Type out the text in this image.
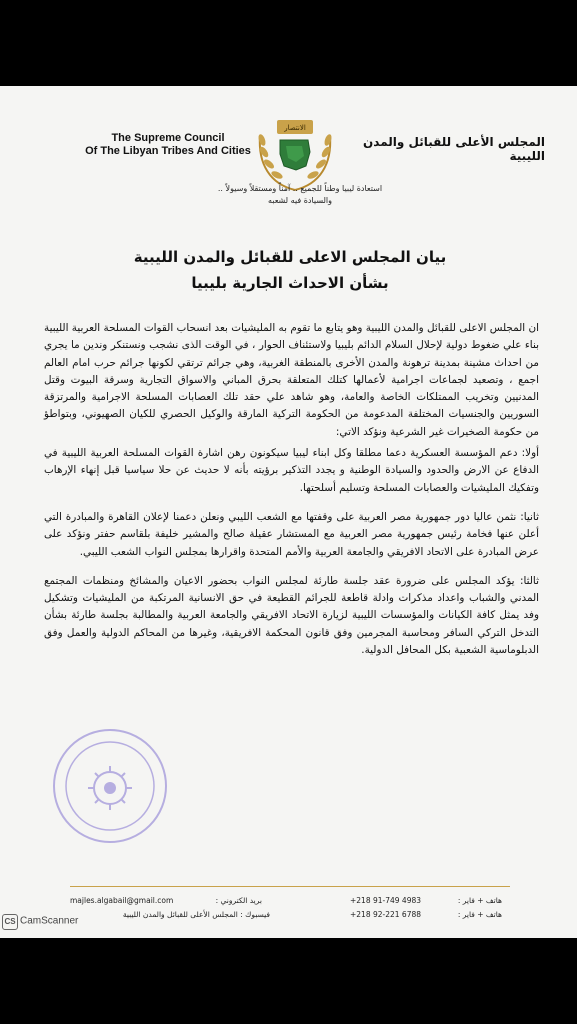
The Supreme Council
Of The Libyan Tribes And Cities
الانتصار
المجلس الأعلى للقبائل والمدن الليبية
استعادة ليبيا وطناً للجميع .. آمناً ومستقلاً وسيولاً ..
والسيادة فيه لشعبه
بيان المجلس الاعلى للقبائل والمدن الليبية
بشأن الاحداث الجارية بليبيا

ان المجلس الاعلى للقبائل والمدن الليبية وهو يتابع ما تقوم به المليشيات بعد انسحاب القوات المسلحة العربية الليبية بناء علي ضغوط دولية لإحلال السلام الدائم بليبيا ولاستئناف الحوار ، في الوقت الذى نشجب ونستنكر وندين ما يجري من احداث مشينة بمدينة ترهونة والمدن الأخرى بالمنطقة الغربية، وهي جرائم ترتقي لكونها جرائم حرب امام العالم اجمع ، وتصعيد لجماعات اجرامية لأعمالها كتلك المتعلقة بحرق المباني والاسواق التجارية وسرقة البيوت وقتل المدنيين وتخريب الممتلكات الخاصة والعامة، وهو شاهد علي حقد تلك العصابات المسلحة الاجرامية والمرتزقة السوريين والجنسيات المختلفة المدعومة من الحكومة التركية المارقة والوكيل الحصري للكيان الصهيوني، وبتواطؤ من حكومة الصخيرات غير الشرعية ونؤكد الاتي:

أولا: دعم المؤسسة العسكرية دعما مطلقا وكل ابناء ليبيا سيكونون رهن اشارة القوات المسلحة العربية الليبية في الدفاع عن الارض والحدود والسيادة الوطنية و يجدد التذكير برؤيته بأنه لا حديث عن حلا سياسيا قبل إنهاء الإرهاب وتفكيك المليشيات والعصابات المسلحة وتسليم أسلحتها.

ثانيا: نثمن عاليا دور جمهورية مصر العربية على وقفتها مع الشعب الليبي ونعلن دعمنا لإعلان القاهرة والمبادرة التي أعلن عنها فخامة رئيس جمهورية مصر العربية مع المستشار عقيلة صالح والمشير خليفة بلقاسم حفتر ونؤكد على عرض المبادرة على الاتحاد الافريقي والجامعة العربية والأمم المتحدة واقرارها بمجلس النواب الشعب الليبي.

ثالثا: يؤكد المجلس على ضرورة عقد جلسة طارئة لمجلس النواب بحضور الاعيان والمشائخ ومنظمات المجتمع المدني والشباب واعداد مذكرات وادلة قاطعة للجرائم القطيعة في حق الانسانية المرتكبة من المليشيات وتشكيل وفد يمثل كافة الكيانات والمؤسسات الليبية لزيارة الاتحاد الافريقي والجامعة العربية والمطالبة بجلسة طارئة بشأن التدخل التركي السافر ومحاسبة المجرمين وفق قانون المحكمة الافريقية، وغيرها من المحاكم الدولية والعمل وفق الدبلوماسية الشعبية بكل المحافل الدولية.

majles.algabail@gmail.com	بريد الكتروني :
فيسبوك : المجلس الأعلى للقبائل والمدن الليبية
+218 91-749 4983
+218 92-221 6788
هاتف + فاير :
هاتف + فاير :
CS CamScanner
